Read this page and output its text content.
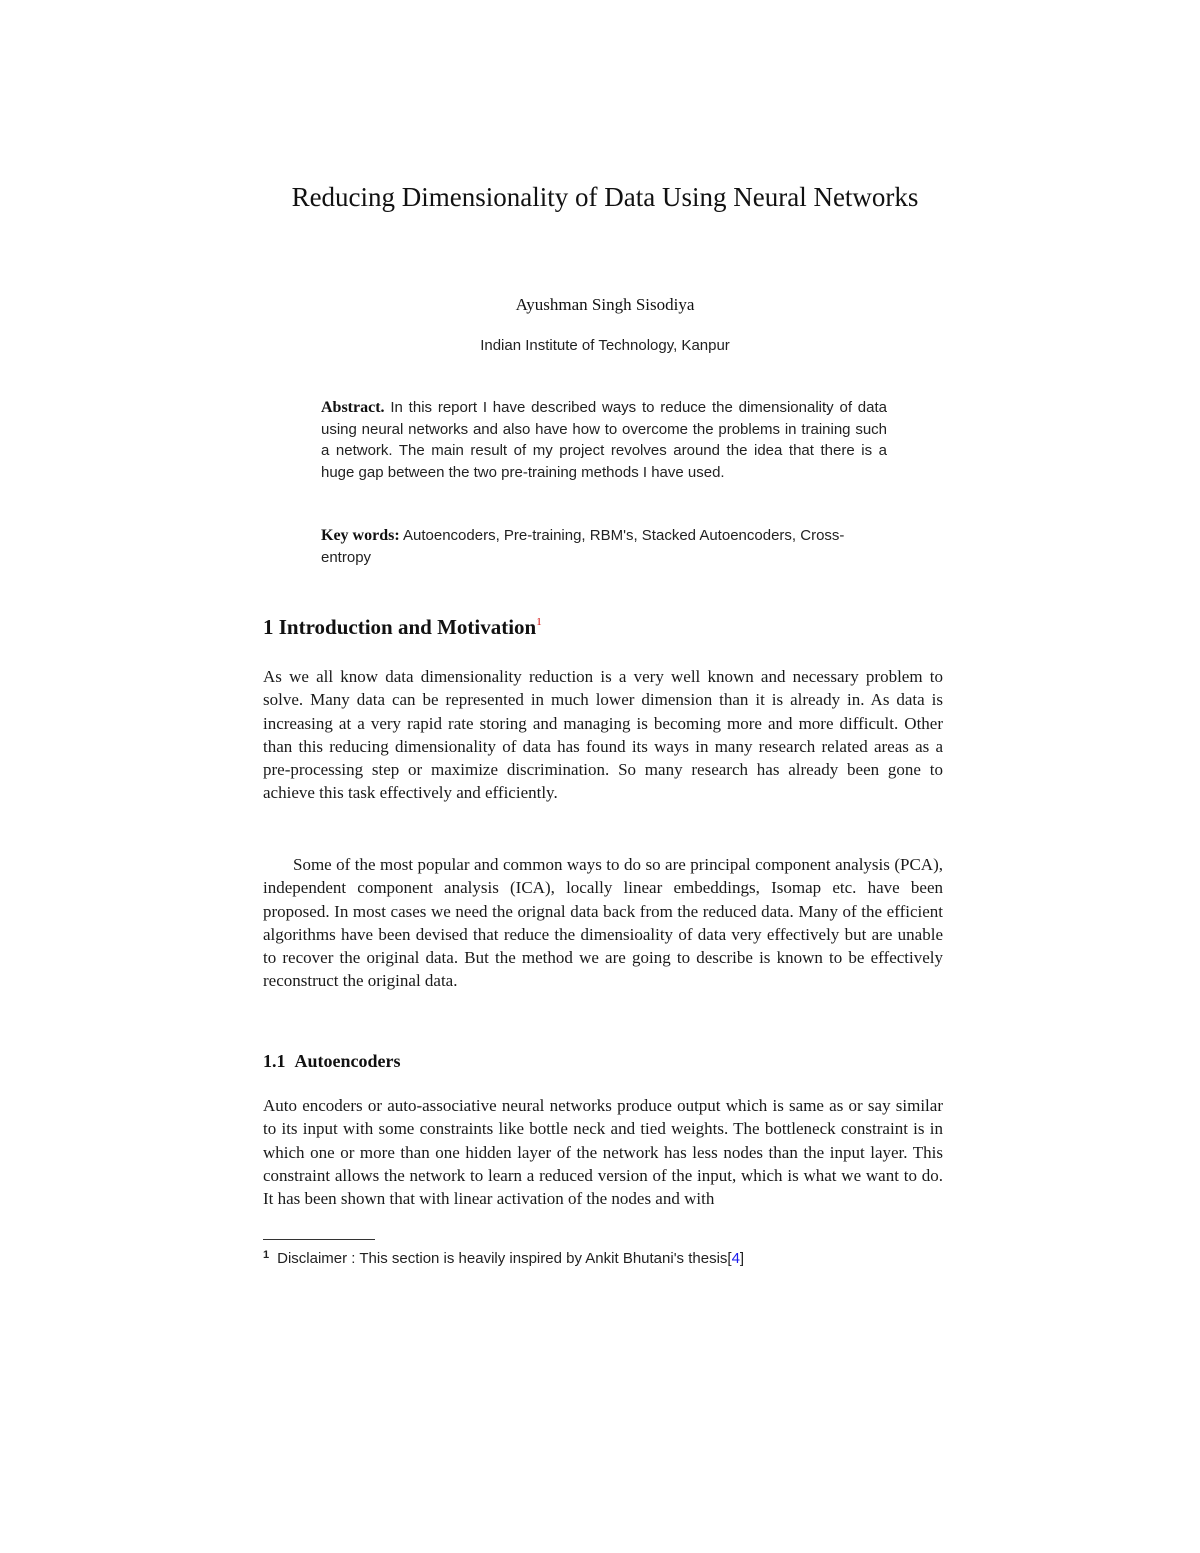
Reducing Dimensionality of Data Using Neural Networks
Ayushman Singh Sisodiya
Indian Institute of Technology, Kanpur
Abstract. In this report I have described ways to reduce the dimensionality of data using neural networks and also have how to overcome the problems in training such a network. The main result of my project revolves around the idea that there is a huge gap between the two pre-training methods I have used.
Key words: Autoencoders, Pre-training, RBM's, Stacked Autoencoders, Cross-entropy
1 Introduction and Motivation$^1$

As we all know data dimensionality reduction is a very well known and necessary problem to solve. Many data can be represented in much lower dimension than it is already in. As data is increasing at a very rapid rate storing and managing is becoming more and more difficult. Other than this reducing dimensionality of data has found its ways in many research related areas as a pre-processing step or maximize discrimination. So many research has already been gone to achieve this task effectively and efficiently.

Some of the most popular and common ways to do so are principal component analysis (PCA), independent component analysis (ICA), locally linear embeddings, Isomap etc. have been proposed. In most cases we need the orignal data back from the reduced data. Many of the efficient algorithms have been devised that reduce the dimensioality of data very effectively but are unable to recover the original data. But the method we are going to describe is known to be effectively reconstruct the original data.

1.1 Autoencoders

Auto encoders or auto-associative neural networks produce output which is same as or say similar to its input with some constraints like bottle neck and tied weights. The bottleneck constraint is in which one or more than one hidden layer of the network has less nodes than the input layer. This constraint allows the network to learn a reduced version of the input, which is what we want to do. It has been shown that with linear activation of the nodes and with

$^1$ Disclaimer : This section is heavily inspired by Ankit Bhutani's thesis[4]
